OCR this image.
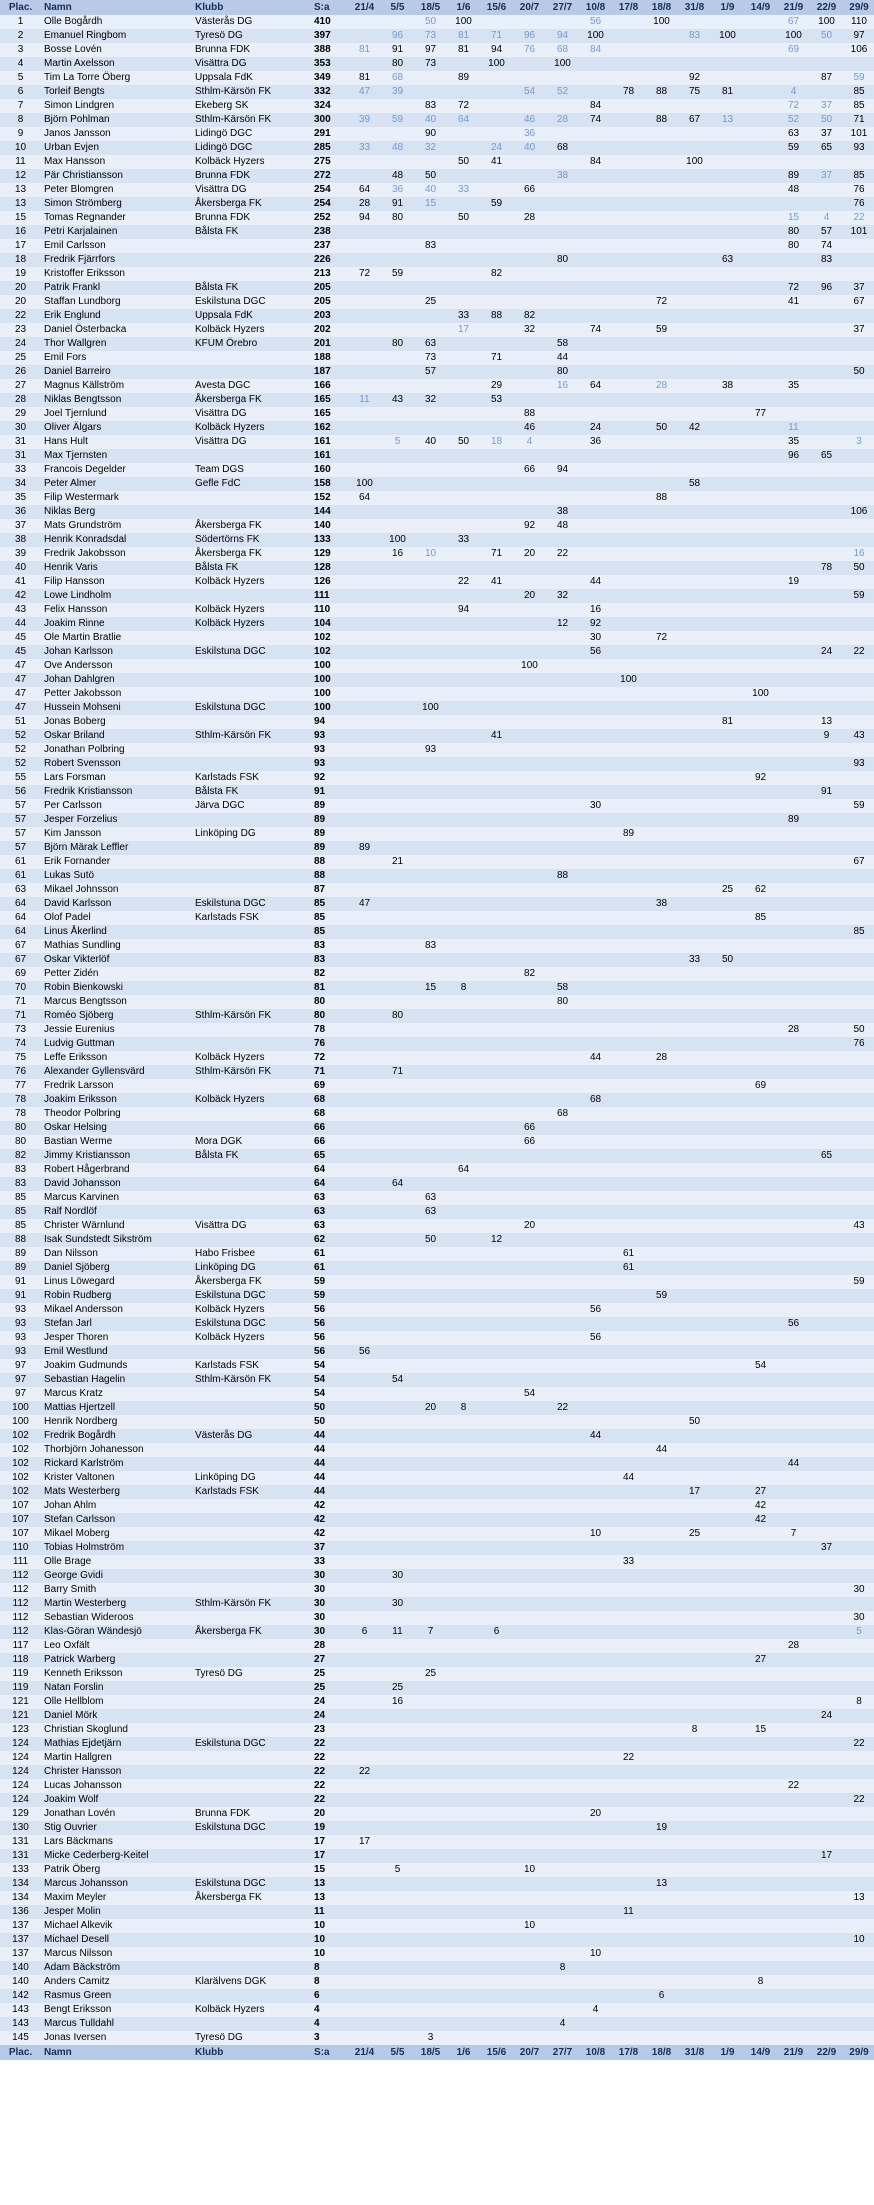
Plac.	Namn	Klubb	S:a	21/4	5/5	18/5	1/6	15/6	20/7	27/7	10/8	17/8	18/8	31/8	1/9	14/9	21/9	22/9	29/9
1	Olle Bogårdh	Västerås DG	410			50	100				56		100				67	100	110
2	Emanuel Ringbom	Tyresö DG	397		96	73	81	71	96	94	100			83	100		100	50	97
3	Bosse Lovén	Brunna FDK	388	81	91	97	81	94	76	68	84						69		106
4	Martin Axelsson	Visättra DG	353		80	73		100		100									
5	Tim La Torre Öberg	Uppsala FdK	349	81	68		89							92				87	59
6	Torleif Bengts	Sthlm-Kärsön FK	332	47	39				54	52		78	88	75	81		4		85
7	Simon Lindgren	Ekeberg SK	324			83	72				84						72	37	85
8	Björn Pohlman	Sthlm-Kärsön FK	300	39	59	40	64		46	28	74		88	67	13		52	50	71
9	Janos Jansson	Lidingö DGC	291			90			36								63	37	101
10	Urban Evjen	Lidingö DGC	285	33	48	32		24	40	68							59	65	93
11	Max Hansson	Kolbäck Hyzers	275				50	41			84			100					
12	Pär Christiansson	Brunna FDK	272		48	50				38							89	37	85
13	Peter Blomgren	Visättra DG	254	64	36	40	33		66								48		76
13	Simon Strömberg	Åkersberga FK	254	28	91	15		59											76
15	Tomas Regnander	Brunna FDK	252	94	80		50		28								15	4	22
16	Petri Karjalainen	Bålsta FK	238														80	57	101
17	Emil Carlsson		237			83											80	74	
18	Fredrik Fjärrfors		226							80					63			83	
19	Kristoffer Eriksson		213	72	59			82											
20	Patrik Frankl	Bålsta FK	205														72	96	37
20	Staffan Lundborg	Eskilstuna DGC	205			25							72				41		67
22	Erik Englund	Uppsala FdK	203				33	88	82										
23	Daniel Österbacka	Kolbäck Hyzers	202				17		32		74		59						37
24	Thor Wallgren	KFUM Örebro	201		80	63				58									
25	Emil Fors		188			73		71		44									
26	Daniel Barreiro		187			57				80									50
27	Magnus Källström	Avesta DGC	166					29		16	64		28		38		35		
28	Niklas Bengtsson	Åkersberga FK	165	11	43	32		53											
29	Joel Tjernlund	Visättra DG	165						88							77			
30	Oliver Älgars	Kolbäck Hyzers	162						46		24		50	42			11		
31	Hans Hult	Visättra DG	161		5	40	50	18	4		36						35		3
31	Max Tjernsten		161														96	65	
33	Francois Degelder	Team DGS	160						66	94									
34	Peter Almer	Gefle FdC	158	100										58					
35	Filip Westermark		152	64									88						
36	Niklas Berg		144							38									106
37	Mats Grundström	Åkersberga FK	140						92	48									
38	Henrik Konradsdal	Södertörns FK	133		100		33												
39	Fredrik Jakobsson	Åkersberga FK	129		16	10		71	20	22									16
40	Henrik Varis	Bålsta FK	128															78	50
41	Filip Hansson	Kolbäck Hyzers	126				22	41			44						19		
42	Lowe Lindholm		111						20	32									59
43	Felix Hansson	Kolbäck Hyzers	110				94				16								
44	Joakim Rinne	Kolbäck Hyzers	104							12	92								
45	Ole Martin Bratlie		102								30		72						
45	Johan Karlsson	Eskilstuna DGC	102								56							24	22
47	Ove Andersson		100						100										
47	Johan Dahlgren		100									100							
47	Petter Jakobsson		100													100			
47	Hussein Mohseni	Eskilstuna DGC	100			100													
51	Jonas Boberg		94												81			13	
52	Oskar Briland	Sthlm-Kärsön FK	93					41										9	43
52	Jonathan Polbring		93			93													
52	Robert Svensson		93																93
55	Lars Forsman	Karlstads FSK	92													92			
56	Fredrik Kristiansson	Bålsta FK	91															91	
57	Per Carlsson	Järva DGC	89								30								59
57	Jesper Forzelius		89														89		
57	Kim Jansson	Linköping DG	89									89							
57	Björn Märak Leffler		89	89															
61	Erik Fornander		88		21														67
61	Lukas Sutö		88							88									
63	Mikael Johnsson		87												25	62			
64	David Karlsson	Eskilstuna DGC	85	47									38						
64	Olof Padel	Karlstads FSK	85													85			
64	Linus Åkerlind		85																85
67	Mathias Sundling		83			83													
67	Oskar Vikterlöf		83											33	50				
69	Petter Zidén		82						82										
70	Robin Bienkowski		81			15	8			58									
71	Marcus Bengtsson		80							80									
71	Roméo Sjöberg	Sthlm-Kärsön FK	80		80														
73	Jessie Eurenius		78														28		50
74	Ludvig Guttman		76																76
75	Leffe Eriksson	Kolbäck Hyzers	72								44		28						
76	Alexander Gyllensvärd	Sthlm-Kärsön FK	71		71														
77	Fredrik Larsson		69													69			
78	Joakim Eriksson	Kolbäck Hyzers	68								68								
78	Theodor Polbring		68							68									
80	Oskar Helsing		66						66										
80	Bastian Werme	Mora DGK	66						66										
82	Jimmy Kristiansson	Bålsta FK	65															65	
83	Robert Hågerbrand		64				64												
83	David Johansson		64		64														
85	Marcus Karvinen		63			63													
85	Ralf Nordlöf		63			63													
85	Christer Wärnlund	Visättra DG	63						20										43
88	Isak Sundstedt Sikström		62			50		12											
89	Dan Nilsson	Habo Frisbee	61									61							
89	Daniel Sjöberg	Linköping DG	61									61							
91	Linus Löwegard	Åkersberga FK	59																59
91	Robin Rudberg	Eskilstuna DGC	59										59						
93	Mikael Andersson	Kolbäck Hyzers	56								56								
93	Stefan Jarl	Eskilstuna DGC	56														56		
93	Jesper Thoren	Kolbäck Hyzers	56								56								
93	Emil Westlund		56	56															
97	Joakim Gudmunds	Karlstads FSK	54													54			
97	Sebastian Hagelin	Sthlm-Kärsön FK	54		54														
97	Marcus Kratz		54						54										
100	Mattias Hjertzell		50			20	8			22									
100	Henrik Nordberg		50											50					
102	Fredrik Bogårdh	Västerås DG	44								44								
102	Thorbjörn Johanesson		44										44						
102	Rickard Karlström		44														44		
102	Krister Valtonen	Linköping DG	44									44							
102	Mats Westerberg	Karlstads FSK	44											17		27			
107	Johan Ahlm		42													42			
107	Stefan Carlsson		42													42			
107	Mikael Moberg		42								10			25			7		
110	Tobias Holmström		37															37	
111	Olle Brage		33									33							
112	George Gvidi		30		30														
112	Barry Smith		30																30
112	Martin Westerberg	Sthlm-Kärsön FK	30		30														
112	Sebastian Wideroos		30																30
112	Klas-Göran Wändesjö	Åkersberga FK	30	6	11	7		6											5
117	Leo Oxfält		28														28		
118	Patrick Warberg		27													27			
119	Kenneth Eriksson	Tyresö DG	25			25													
119	Natan Forslin		25		25														
121	Olle Hellblom		24		16														8
121	Daniel Mörk		24															24	
123	Christian Skoglund		23											8		15			
124	Mathias Ejdetjärn	Eskilstuna DGC	22																22
124	Martin Hallgren		22									22							
124	Christer Hansson		22	22															
124	Lucas Johansson		22														22		
124	Joakim Wolf		22																22
129	Jonathan Lovén	Brunna FDK	20								20								
130	Stig Ouvrier	Eskilstuna DGC	19										19						
131	Lars Bäckmans		17	17															
131	Micke Cederberg-Keitel		17															17	
133	Patrik Öberg		15		5				10										
134	Marcus Johansson	Eskilstuna DGC	13										13						
134	Maxim Meyler	Åkersberga FK	13																13
136	Jesper Molin		11									11							
137	Michael Alkevik		10						10										
137	Michael Desell		10																10
137	Marcus Nilsson		10								10								
140	Adam Bäckström		8							8									
140	Anders Camitz	Klarälvens DGK	8													8			
142	Rasmus Green		6										6						
143	Bengt Eriksson	Kolbäck Hyzers	4								4								
143	Marcus Tulldahl		4							4									
145	Jonas Iversen	Tyresö DG	3			3													
Plac.	Namn	Klubb	S:a	21/4	5/5	18/5	1/6	15/6	20/7	27/7	10/8	17/8	18/8	31/8	1/9	14/9	21/9	22/9	29/9
